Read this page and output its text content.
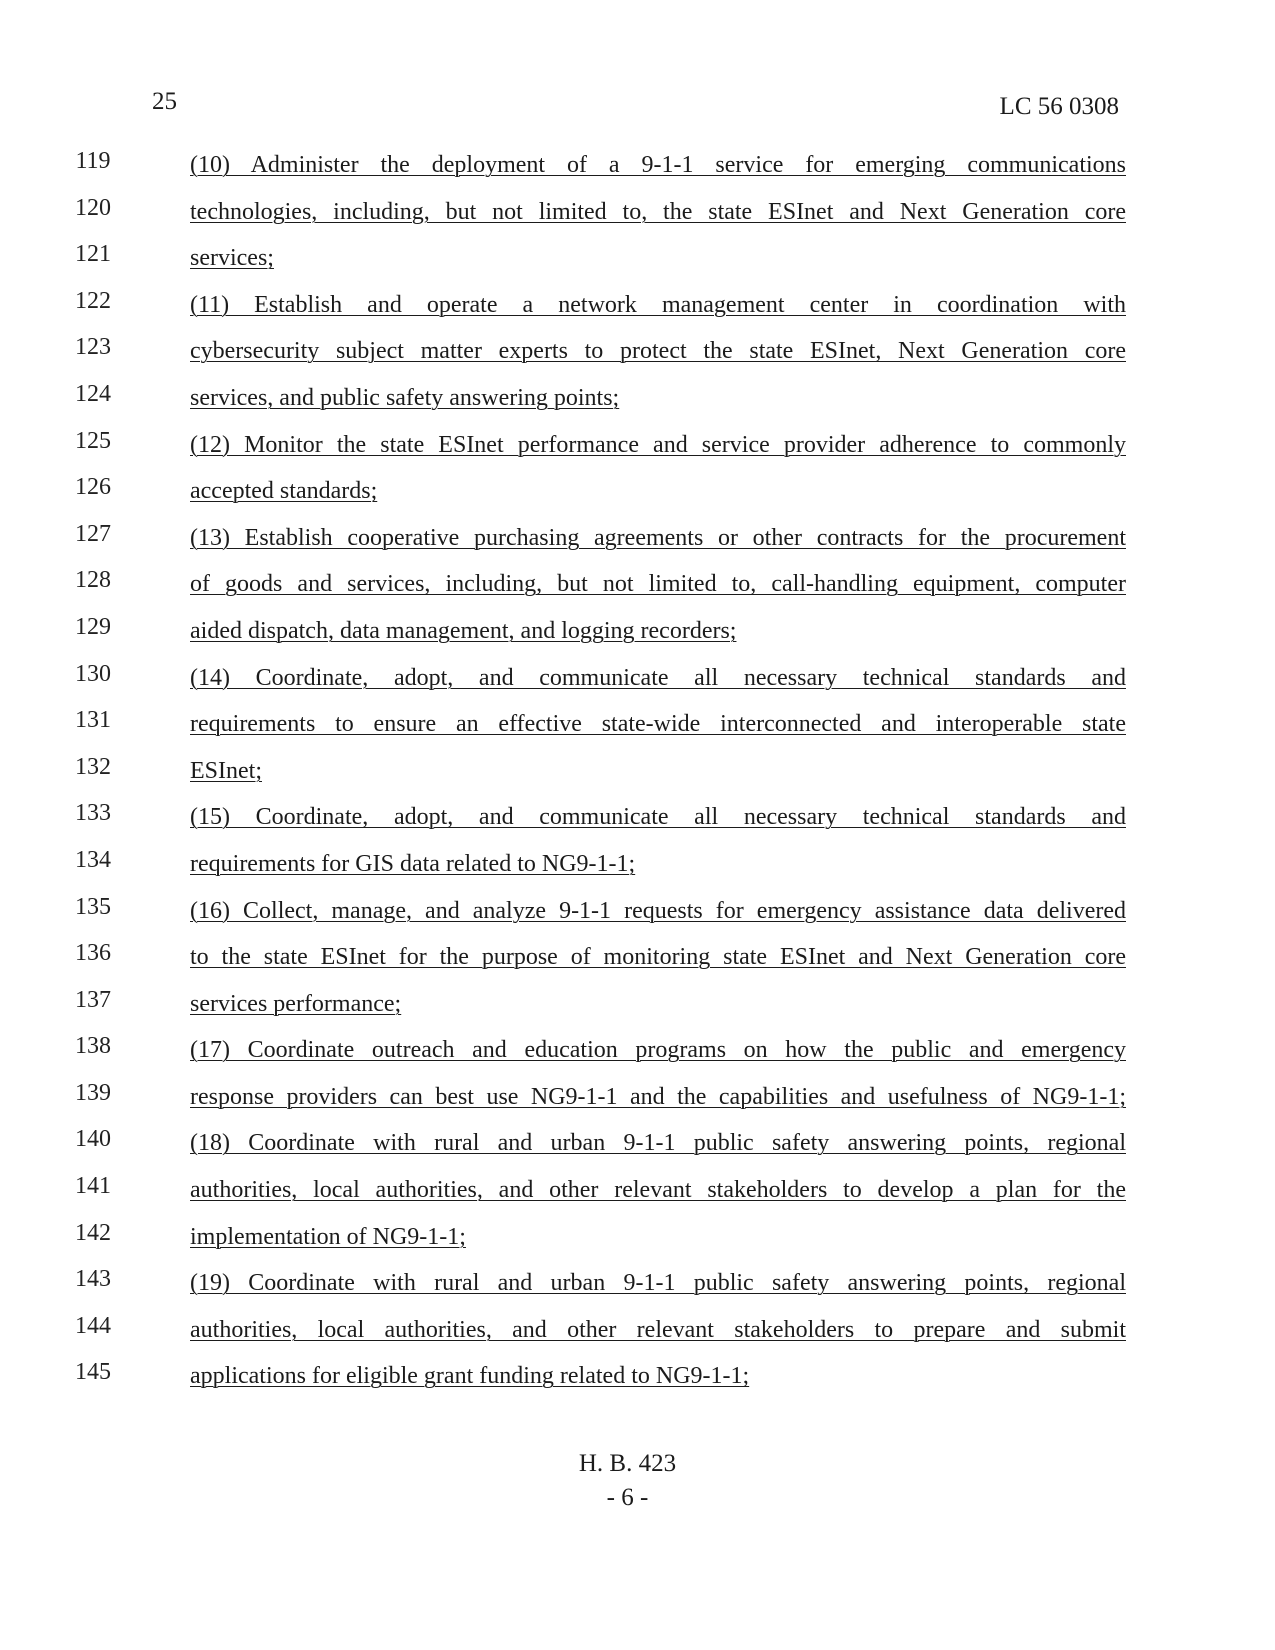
25	LC 56 0308
119	(10) Administer the deployment of a 9-1-1 service for emerging communications
120	technologies, including, but not limited to, the state ESInet and Next Generation core
121	services;
122	(11) Establish and operate a network management center in coordination with
123	cybersecurity subject matter experts to protect the state ESInet, Next Generation core
124	services, and public safety answering points;
125	(12) Monitor the state ESInet performance and service provider adherence to commonly
126	accepted standards;
127	(13) Establish cooperative purchasing agreements or other contracts for the procurement
128	of goods and services, including, but not limited to, call-handling equipment, computer
129	aided dispatch, data management, and logging recorders;
130	(14) Coordinate, adopt, and communicate all necessary technical standards and
131	requirements to ensure an effective state-wide interconnected and interoperable state
132	ESInet;
133	(15) Coordinate, adopt, and communicate all necessary technical standards and
134	requirements for GIS data related to NG9-1-1;
135	(16) Collect, manage, and analyze 9-1-1 requests for emergency assistance data delivered
136	to the state ESInet for the purpose of monitoring state ESInet and Next Generation core
137	services performance;
138	(17) Coordinate outreach and education programs on how the public and emergency
139	response providers can best use NG9-1-1 and the capabilities and usefulness of NG9-1-1;
140	(18) Coordinate with rural and urban 9-1-1 public safety answering points, regional
141	authorities, local authorities, and other relevant stakeholders to develop a plan for the
142	implementation of NG9-1-1;
143	(19) Coordinate with rural and urban 9-1-1 public safety answering points, regional
144	authorities, local authorities, and other relevant stakeholders to prepare and submit
145	applications for eligible grant funding related to NG9-1-1;
H. B. 423
- 6 -
